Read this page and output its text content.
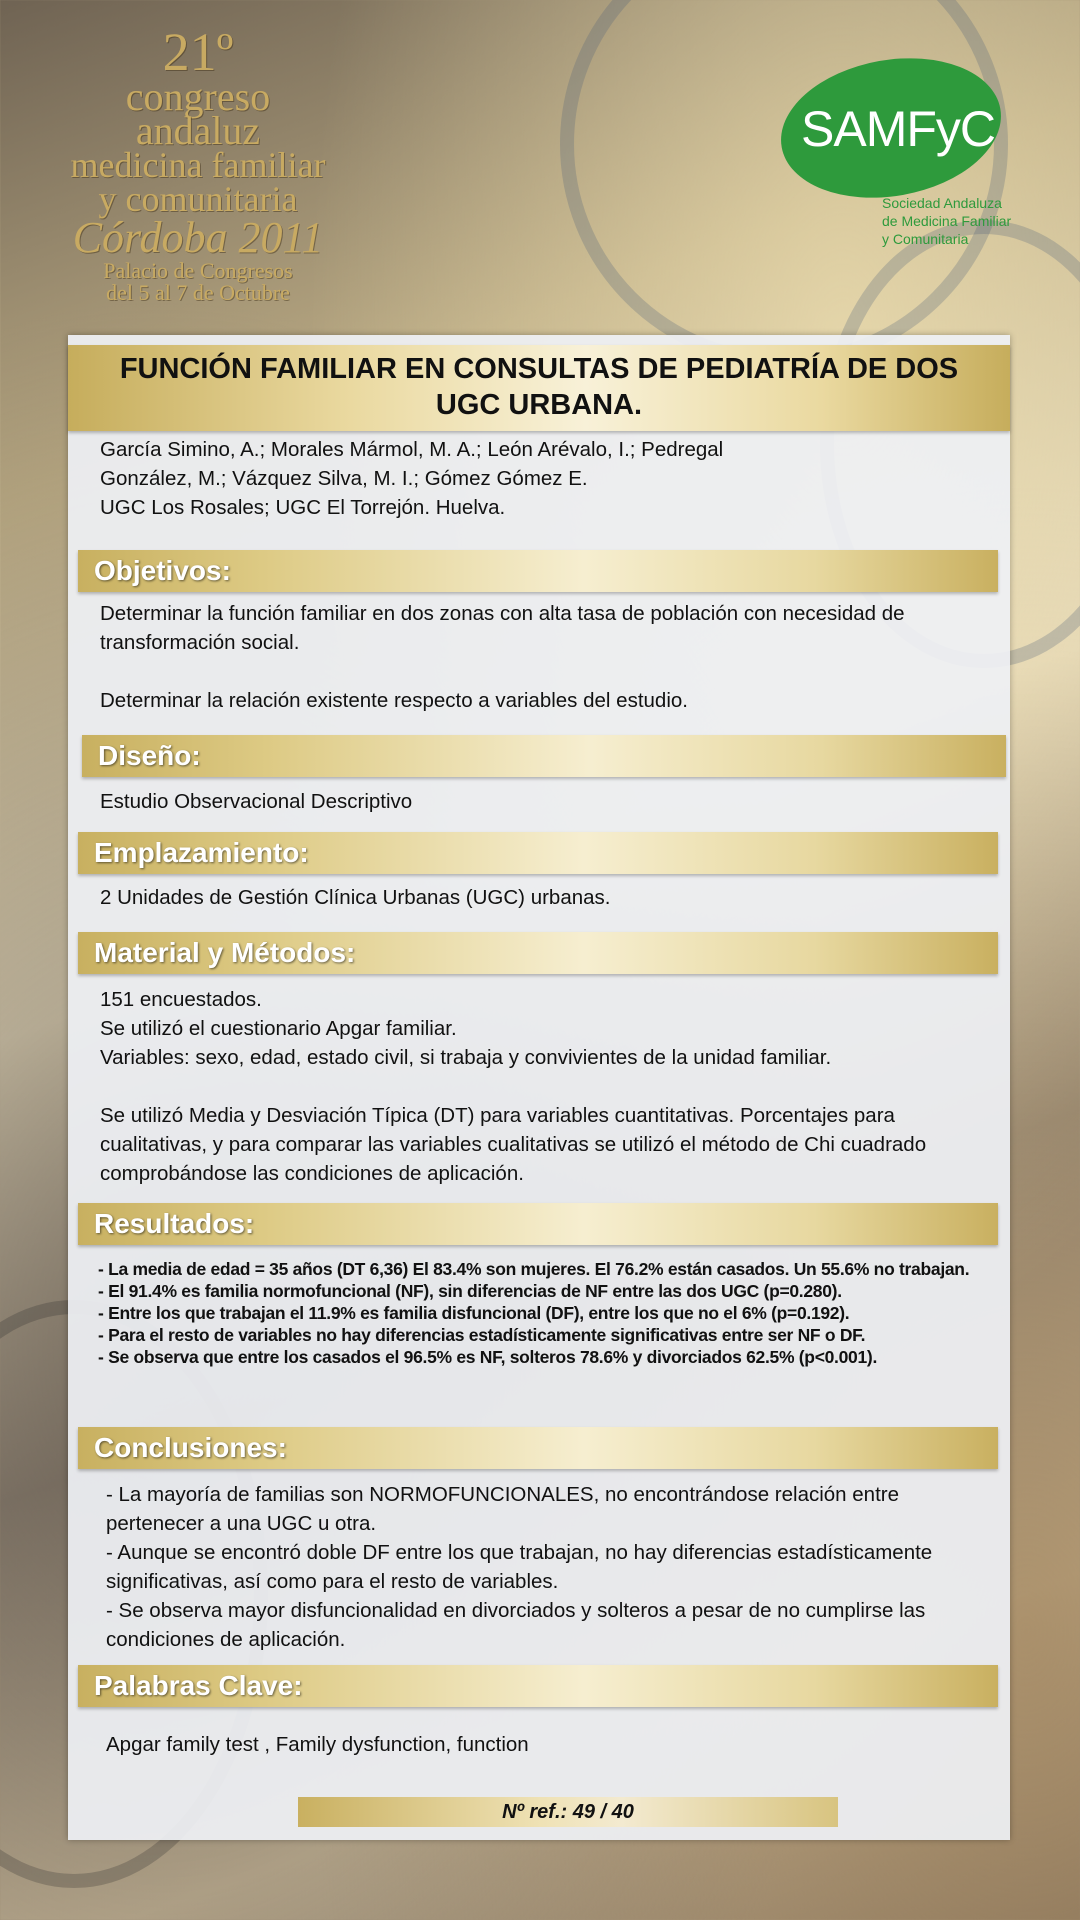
21º
congreso
andaluz
medicina familiar
y comunitaria
Córdoba 2011
Palacio de Congresos
del 5 al 7 de Octubre
SAMFyC
Sociedad Andaluza
de Medicina Familiar
y Comunitaria
FUNCIÓN FAMILIAR EN CONSULTAS DE PEDIATRÍA DE DOS
UGC URBANA.

García Simino, A.; Morales Mármol, M. A.; León Arévalo, I.; Pedregal

González, M.; Vázquez Silva, M. I.; Gómez Gómez E.

UGC Los Rosales; UGC El Torrejón. Huelva.

Objetivos:

Determinar la función familiar en dos zonas con alta tasa de población con necesidad de transformación social.

Determinar la relación existente respecto a variables del estudio.

Diseño:

Estudio Observacional Descriptivo

Emplazamiento:

2 Unidades de Gestión Clínica Urbanas (UGC) urbanas.

Material y Métodos:

151 encuestados.

Se utilizó el cuestionario Apgar familiar.

Variables: sexo, edad, estado civil, si trabaja y convivientes de la unidad familiar.

Se utilizó Media y Desviación Típica (DT) para variables cuantitativas. Porcentajes para cualitativas, y para comparar las variables cualitativas se utilizó el método de Chi cuadrado comprobándose las condiciones de aplicación.

Resultados:

- La media de edad = 35 años (DT 6,36) El 83.4% son mujeres. El 76.2% están casados. Un 55.6% no trabajan.

- El 91.4% es familia normofuncional (NF), sin diferencias de NF entre las dos UGC (p=0.280).

- Entre los que trabajan el 11.9% es familia disfuncional (DF), entre los que no el 6% (p=0.192).

- Para el resto de variables no hay diferencias estadísticamente significativas entre ser NF o DF.

- Se observa que entre los casados el 96.5% es NF, solteros 78.6% y divorciados 62.5% (p<0.001).

Conclusiones:

- La mayoría de familias son NORMOFUNCIONALES, no encontrándose relación entre pertenecer a una UGC u otra.

- Aunque se encontró doble DF entre los que trabajan, no hay diferencias estadísticamente significativas, así como para el resto de variables.

- Se observa mayor disfuncionalidad en divorciados y solteros a pesar de no cumplirse las condiciones de aplicación.

Palabras Clave:

Apgar family test , Family dysfunction, function

Nº ref.: 49 / 40
